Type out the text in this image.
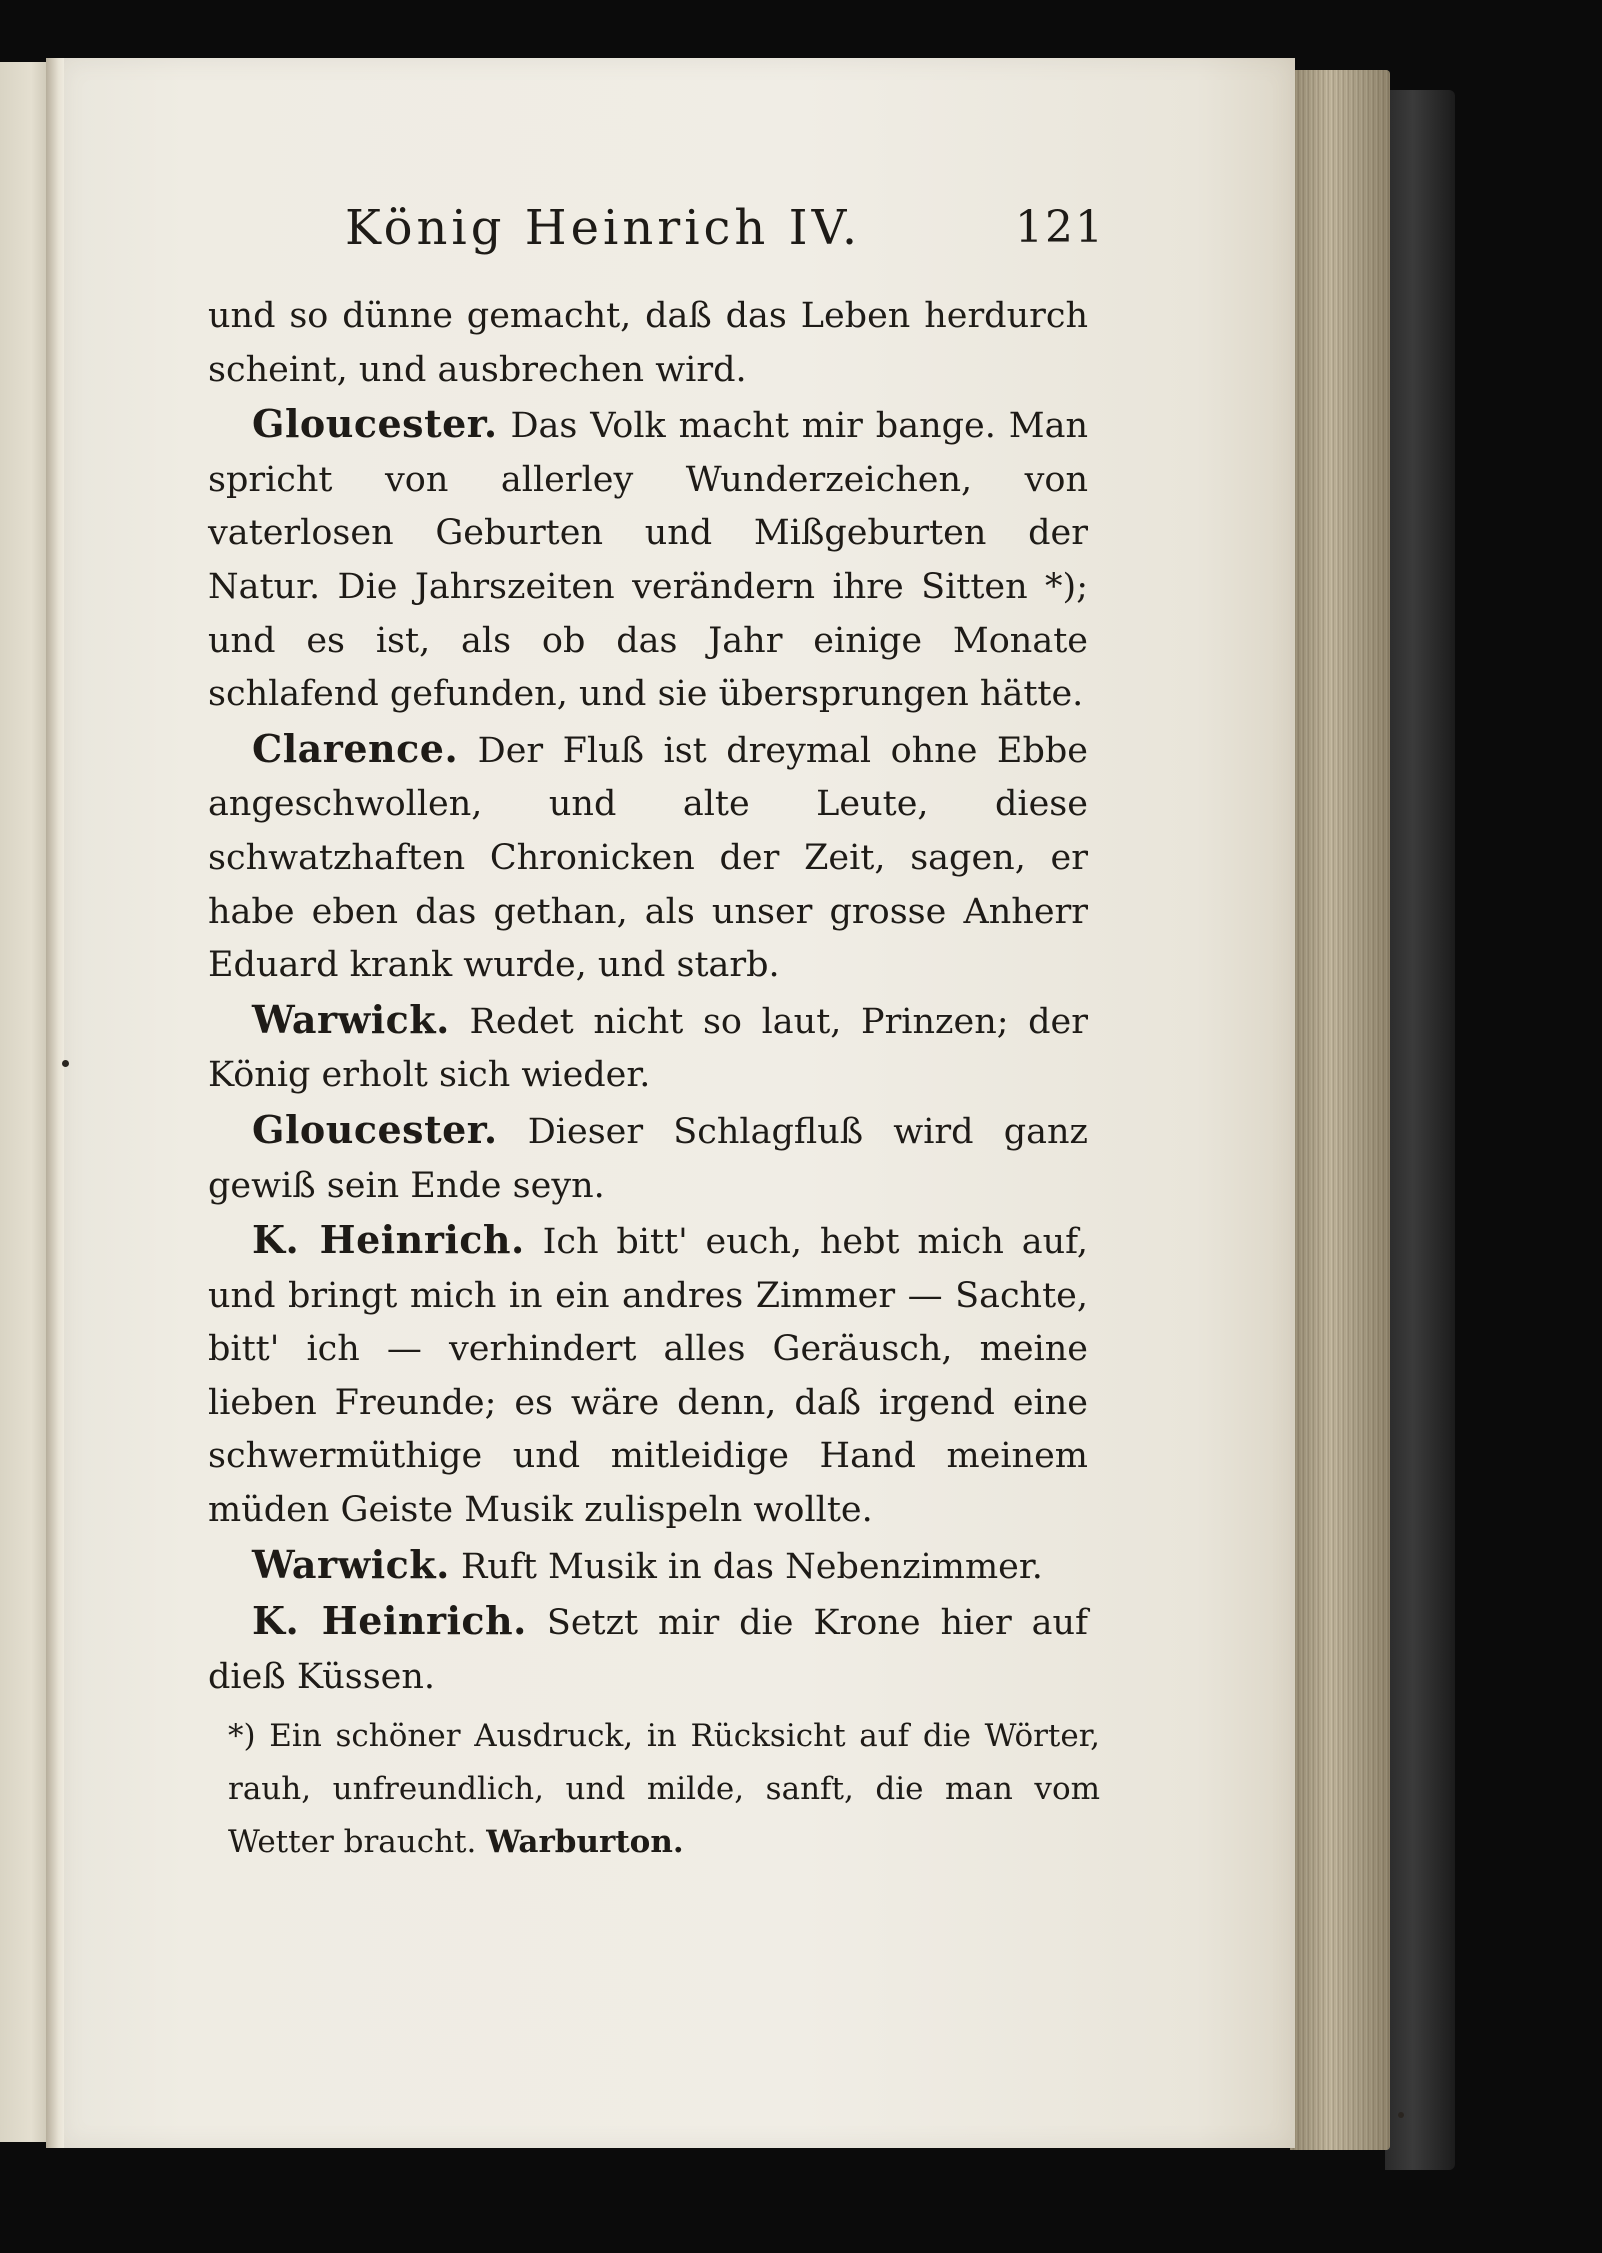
König Heinrich IV.	121

und so dünne gemacht, daß das Leben herdurch scheint, und ausbrechen wird.

Gloucester. Das Volk macht mir bange. Man spricht von allerley Wunderzeichen, von vaterlosen Geburten und Mißgeburten der Natur. Die Jahrszeiten verändern ihre Sitten *); und es ist, als ob das Jahr einige Monate schlafend gefunden, und sie übersprungen hätte.

Clarence. Der Fluß ist dreymal ohne Ebbe angeschwollen, und alte Leute, diese schwatzhaften Chronicken der Zeit, sagen, er habe eben das gethan, als unser grosse Anherr Eduard krank wurde, und starb.

Warwick. Redet nicht so laut, Prinzen; der König erholt sich wieder.

Gloucester. Dieser Schlagfluß wird ganz gewiß sein Ende seyn.

K. Heinrich. Ich bitt' euch, hebt mich auf, und bringt mich in ein andres Zimmer — Sachte, bitt' ich — verhindert alles Geräusch, meine lieben Freunde; es wäre denn, daß irgend eine schwermüthige und mitleidige Hand meinem müden Geiste Musik zulispeln wollte.

Warwick. Ruft Musik in das Nebenzimmer.

K. Heinrich. Setzt mir die Krone hier auf dieß Küssen.

*) Ein schöner Ausdruck, in Rücksicht auf die Wörter, rauh, unfreundlich, und milde, sanft, die man vom Wetter braucht. Warburton.
